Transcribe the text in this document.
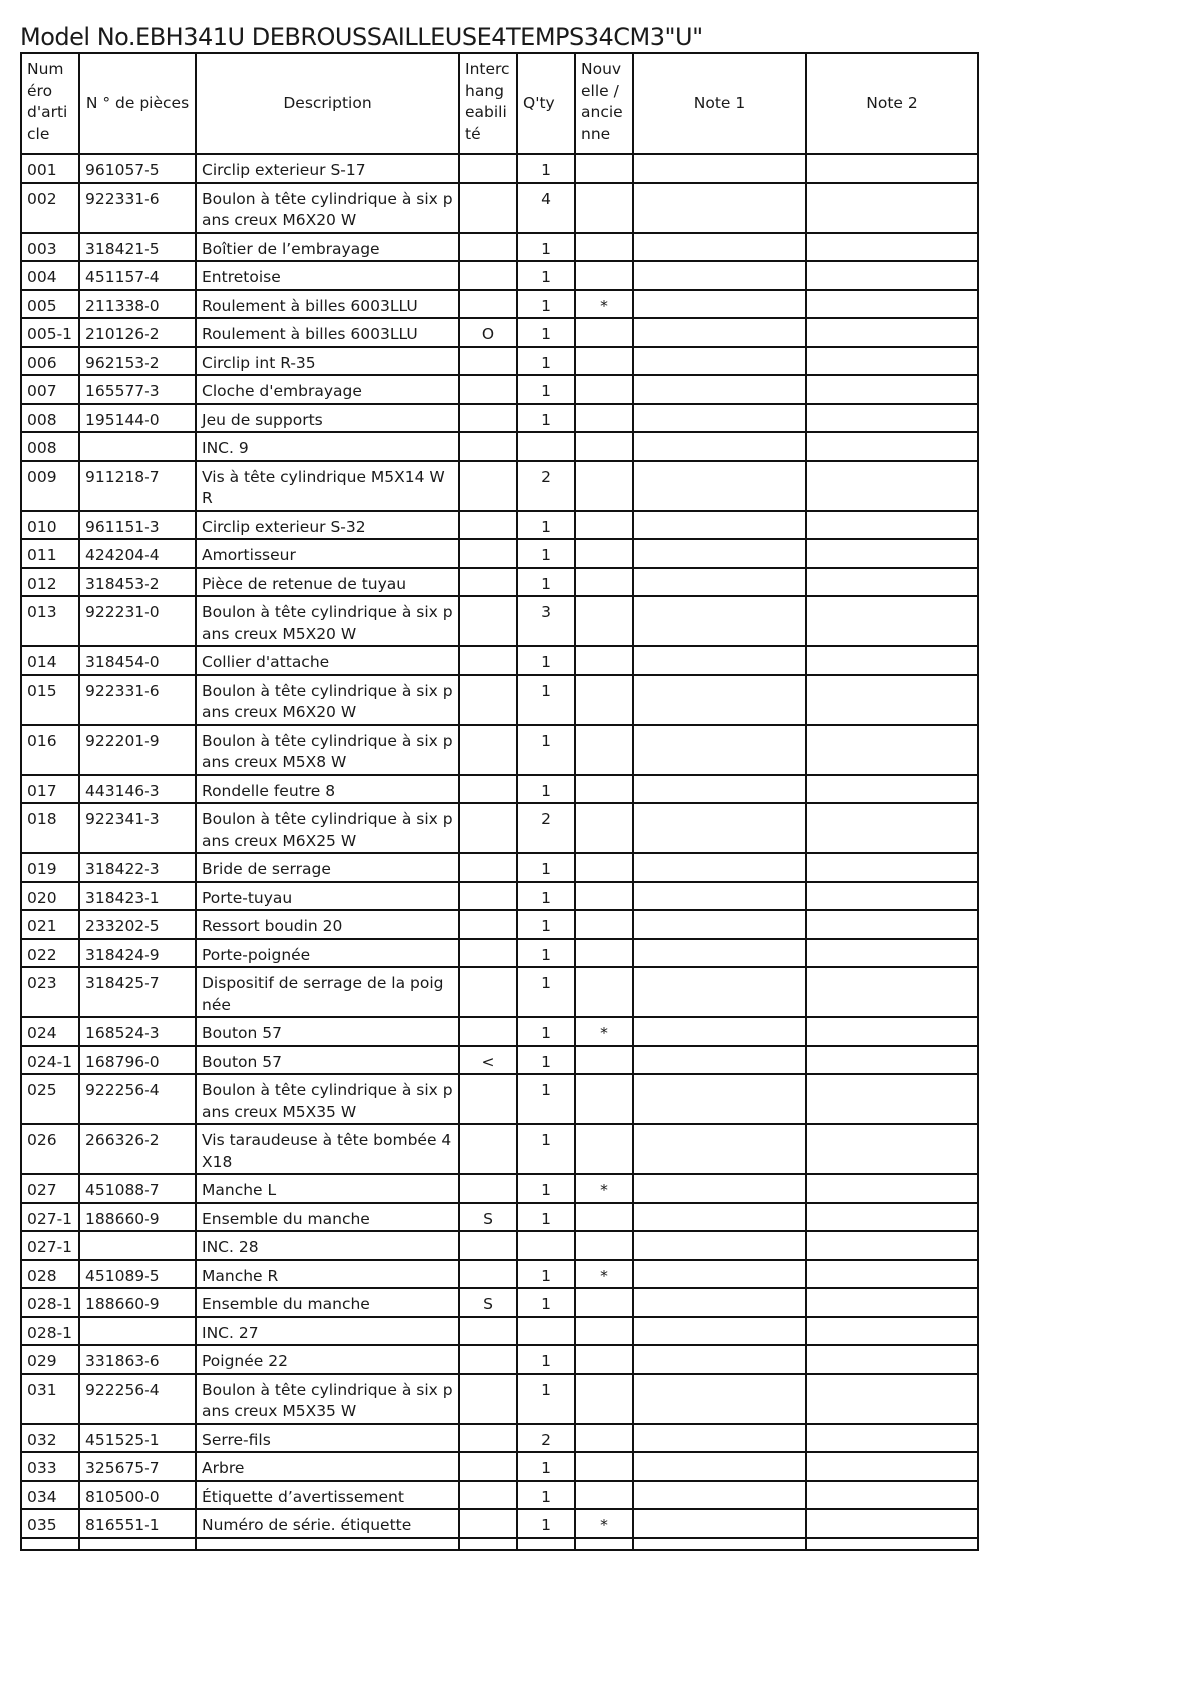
Model No.EBH341U DEBROUSSAILLEUSE4TEMPS34CM3"U"
Numéro d'article	N ° de pièces	Description	Interchangeabilité	Q'ty	Nouvelle / ancienne	Note 1	Note 2
001	961057-5	Circlip exterieur S-17		1			
002	922331-6	Boulon à tête cylindrique à six pans creux M6X20 W		4			
003	318421-5	Boîtier de l’embrayage		1			
004	451157-4	Entretoise		1			
005	211338-0	Roulement à billes 6003LLU		1	*		
005-1	210126-2	Roulement à billes 6003LLU	O	1			
006	962153-2	Circlip int R-35		1			
007	165577-3	Cloche d'embrayage		1			
008	195144-0	Jeu de supports		1			
008		INC. 9					
009	911218-7	Vis à tête cylindrique M5X14 WR		2			
010	961151-3	Circlip exterieur S-32		1			
011	424204-4	Amortisseur		1			
012	318453-2	Pièce de retenue de tuyau		1			
013	922231-0	Boulon à tête cylindrique à six pans creux M5X20 W		3			
014	318454-0	Collier d'attache		1			
015	922331-6	Boulon à tête cylindrique à six pans creux M6X20 W		1			
016	922201-9	Boulon à tête cylindrique à six pans creux M5X8 W		1			
017	443146-3	Rondelle feutre 8		1			
018	922341-3	Boulon à tête cylindrique à six pans creux M6X25 W		2			
019	318422-3	Bride de serrage		1			
020	318423-1	Porte-tuyau		1			
021	233202-5	Ressort boudin 20		1			
022	318424-9	Porte-poignée		1			
023	318425-7	Dispositif de serrage de la poignée		1			
024	168524-3	Bouton 57		1	*		
024-1	168796-0	Bouton 57	<	1			
025	922256-4	Boulon à tête cylindrique à six pans creux M5X35 W		1			
026	266326-2	Vis taraudeuse à tête bombée 4X18		1			
027	451088-7	Manche L		1	*		
027-1	188660-9	Ensemble du manche	S	1			
027-1		INC. 28					
028	451089-5	Manche R		1	*		
028-1	188660-9	Ensemble du manche	S	1			
028-1		INC. 27					
029	331863-6	Poignée 22		1			
031	922256-4	Boulon à tête cylindrique à six pans creux M5X35 W		1			
032	451525-1	Serre-fils		2			
033	325675-7	Arbre		1			
034	810500-0	Étiquette d’avertissement		1			
035	816551-1	Numéro de série. étiquette		1	*		
